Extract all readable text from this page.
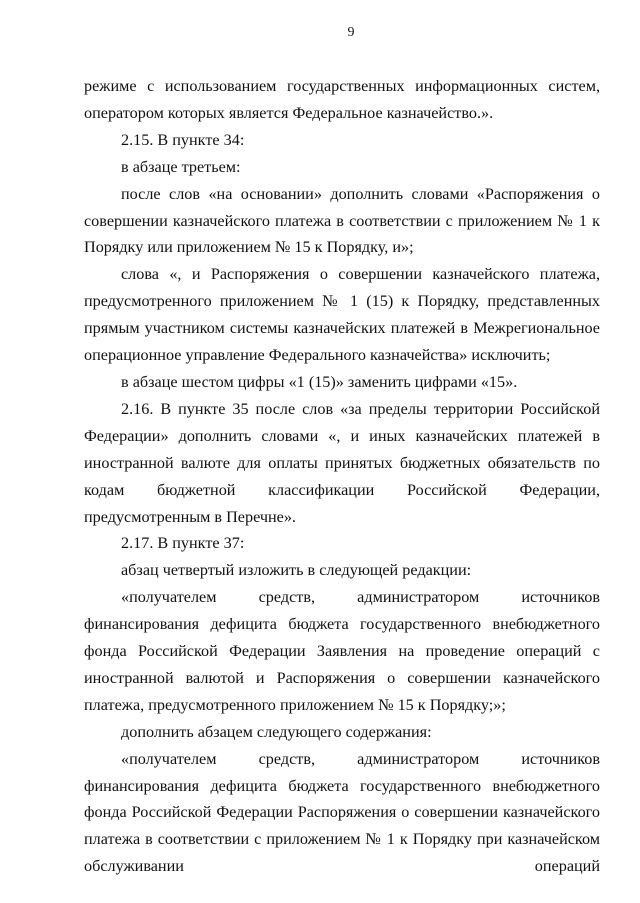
9

режиме с использованием государственных информационных систем, оператором которых является Федеральное казначейство.».

2.15. В пункте 34:

в абзаце третьем:

после слов «на основании» дополнить словами «Распоряжения о совершении казначейского платежа в соответствии с приложением № 1 к Порядку или приложением № 15 к Порядку, и»;

слова «, и Распоряжения о совершении казначейского платежа, предусмотренного приложением № 1 (15) к Порядку, представленных прямым участником системы казначейских платежей в Межрегиональное операционное управление Федерального казначейства» исключить;

в абзаце шестом цифры «1 (15)» заменить цифрами «15».

2.16. В пункте 35 после слов «за пределы территории Российской Федерации» дополнить словами «, и иных казначейских платежей в иностранной валюте для оплаты принятых бюджетных обязательств по кодам бюджетной классификации Российской Федерации, предусмотренным в Перечне».

2.17. В пункте 37:

абзац четвертый изложить в следующей редакции:

«получателем средств, администратором источников финансирования дефицита бюджета государственного внебюджетного фонда Российской Федерации Заявления на проведение операций с иностранной валютой и Распоряжения о совершении казначейского платежа, предусмотренного приложением № 15 к Порядку;»;

дополнить абзацем следующего содержания:

«получателем средств, администратором источников финансирования дефицита бюджета государственного внебюджетного фонда Российской Федерации Распоряжения о совершении казначейского платежа в соответствии с приложением № 1 к Порядку при казначейском обслуживании операций
